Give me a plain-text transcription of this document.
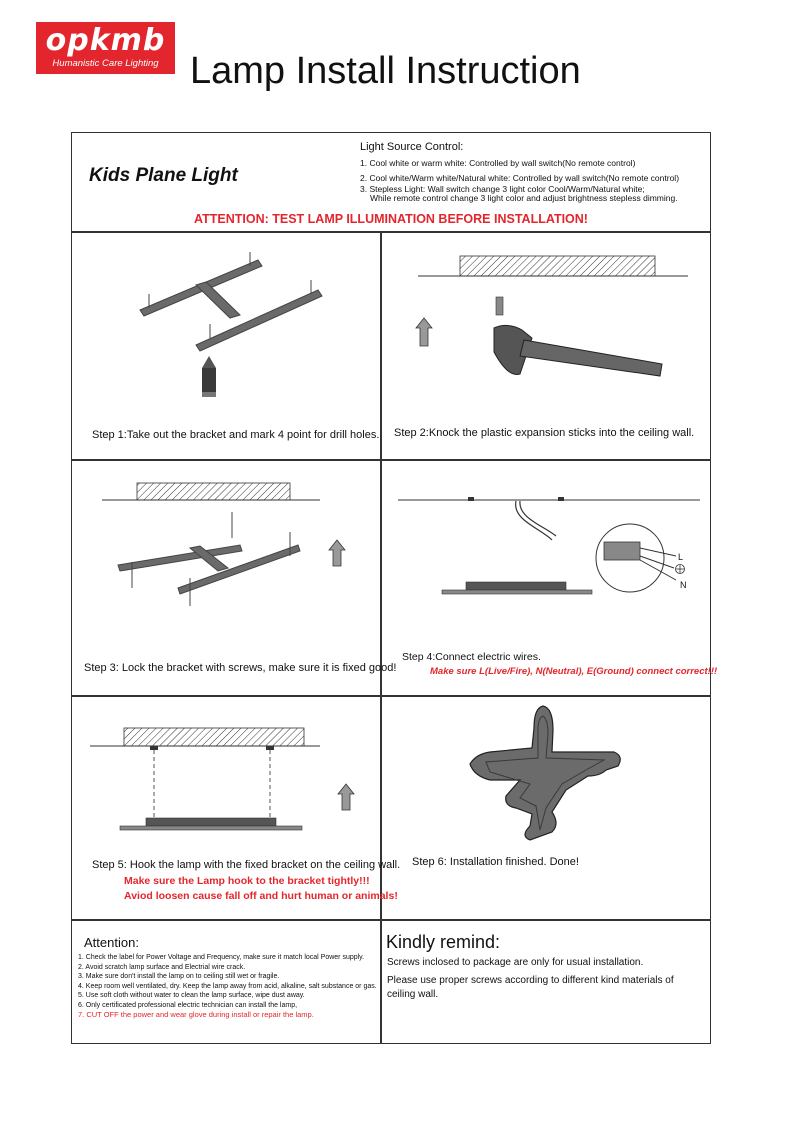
opkmb
Humanistic Care Lighting Lamp Install Instruction
Kids Plane Light
Light Source Control:
1. Cool white or warm white: Controlled by wall switch(No remote control)
2. Cool white/Warm white/Natural white: Controlled by wall switch(No remote control)
3. Stepless Light: Wall switch change 3 light color Cool/Warm/Natural white;
While remote control change 3 light color and adjust brightness stepless dimming.
ATTENTION: TEST LAMP ILLUMINATION BEFORE INSTALLATION!
Step 1:Take out the bracket and mark 4 point for drill holes. Step 2:Knock the plastic expansion sticks into the ceiling wall.
Step 3: Lock the bracket with screws, make sure it is fixed good!
Step 4:Connect electric wires.
Make sure L(Live/Fire), N(Neutral), E(Ground) connect correct!!!
L
N
Step 5: Hook the lamp with the fixed bracket on the ceiling wall.
Make sure the Lamp hook to the bracket tightly!!!
Aviod loosen cause fall off and hurt human or animals!
Step 6: Installation finished. Done!
Attention:
1. Check the label for Power Voltage and Frequency, make sure it match local Power supply.
2. Avoid scratch lamp surface and Electrial wire crack.
3. Make sure don't install the lamp on to ceiling still wet or fragile.
4. Keep room well ventilated, dry. Keep the lamp away from acid, alkaline, salt substance or gas.
5. Use soft cloth without water to clean the lamp surface, wipe dust away.
6. Only certificated professional electric technician can install the lamp,
7. CUT OFF the power and wear glove during install or repair the lamp.
Kindly remind:
Screws inclosed to package are only for usual installation.
Please use proper screws according to different kind materials of
ceiling wall.
